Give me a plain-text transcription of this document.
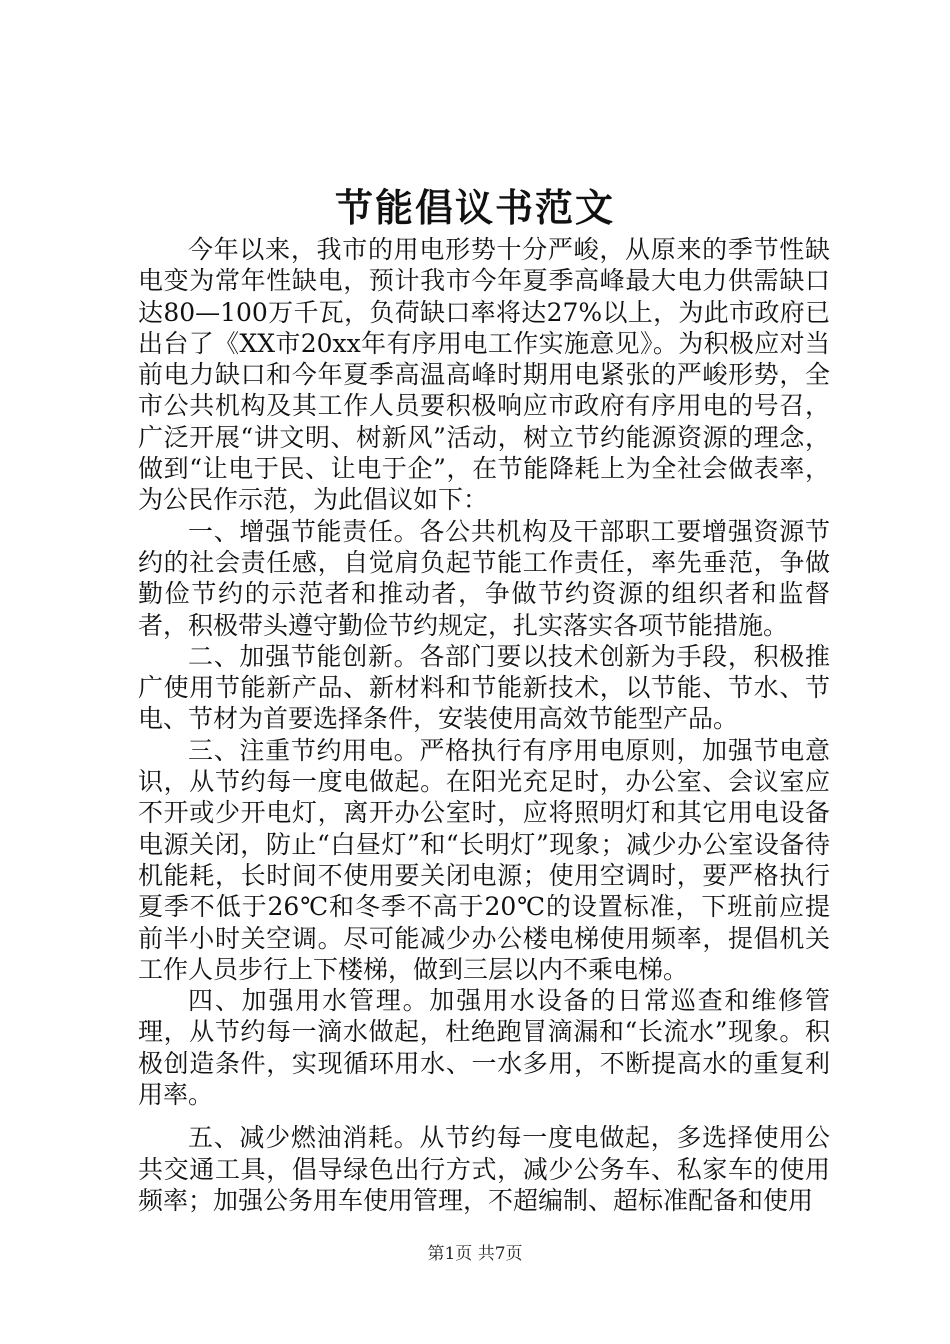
节能倡议书范文

今年以来，我市的用电形势十分严峻，从原来的季节性缺电变为常年性缺电，预计我市今年夏季高峰最大电力供需缺口达80—100万千瓦，负荷缺口率将达27%以上，为此市政府已出台了《XX市20xx年有序用电工作实施意见》。为积极应对当前电力缺口和今年夏季高温高峰时期用电紧张的严峻形势，全市公共机构及其工作人员要积极响应市政府有序用电的号召，广泛开展“讲文明、树新风”活动，树立节约能源资源的理念，做到“让电于民、让电于企”，在节能降耗上为全社会做表率，为公民作示范，为此倡议如下：

一、增强节能责任。各公共机构及干部职工要增强资源节约的社会责任感，自觉肩负起节能工作责任，率先垂范，争做勤俭节约的示范者和推动者，争做节约资源的组织者和监督者，积极带头遵守勤俭节约规定，扎实落实各项节能措施。

二、加强节能创新。各部门要以技术创新为手段，积极推广使用节能新产品、新材料和节能新技术，以节能、节水、节电、节材为首要选择条件，安装使用高效节能型产品。

三、注重节约用电。严格执行有序用电原则，加强节电意识，从节约每一度电做起。在阳光充足时，办公室、会议室应不开或少开电灯，离开办公室时，应将照明灯和其它用电设备电源关闭，防止“白昼灯”和“长明灯”现象；减少办公室设备待机能耗，长时间不使用要关闭电源；使用空调时，要严格执行夏季不低于26℃和冬季不高于20℃的设置标准，下班前应提前半小时关空调。尽可能减少办公楼电梯使用频率，提倡机关工作人员步行上下楼梯，做到三层以内不乘电梯。

四、加强用水管理。加强用水设备的日常巡查和维修管理，从节约每一滴水做起，杜绝跑冒滴漏和“长流水”现象。积极创造条件，实现循环用水、一水多用，不断提高水的重复利用率。

五、减少燃油消耗。从节约每一度电做起，多选择使用公共交通工具，倡导绿色出行方式，减少公务车、私家车的使用频率；加强公务用车使用管理，不超编制、超标准配备和使用

第1页 共7页
